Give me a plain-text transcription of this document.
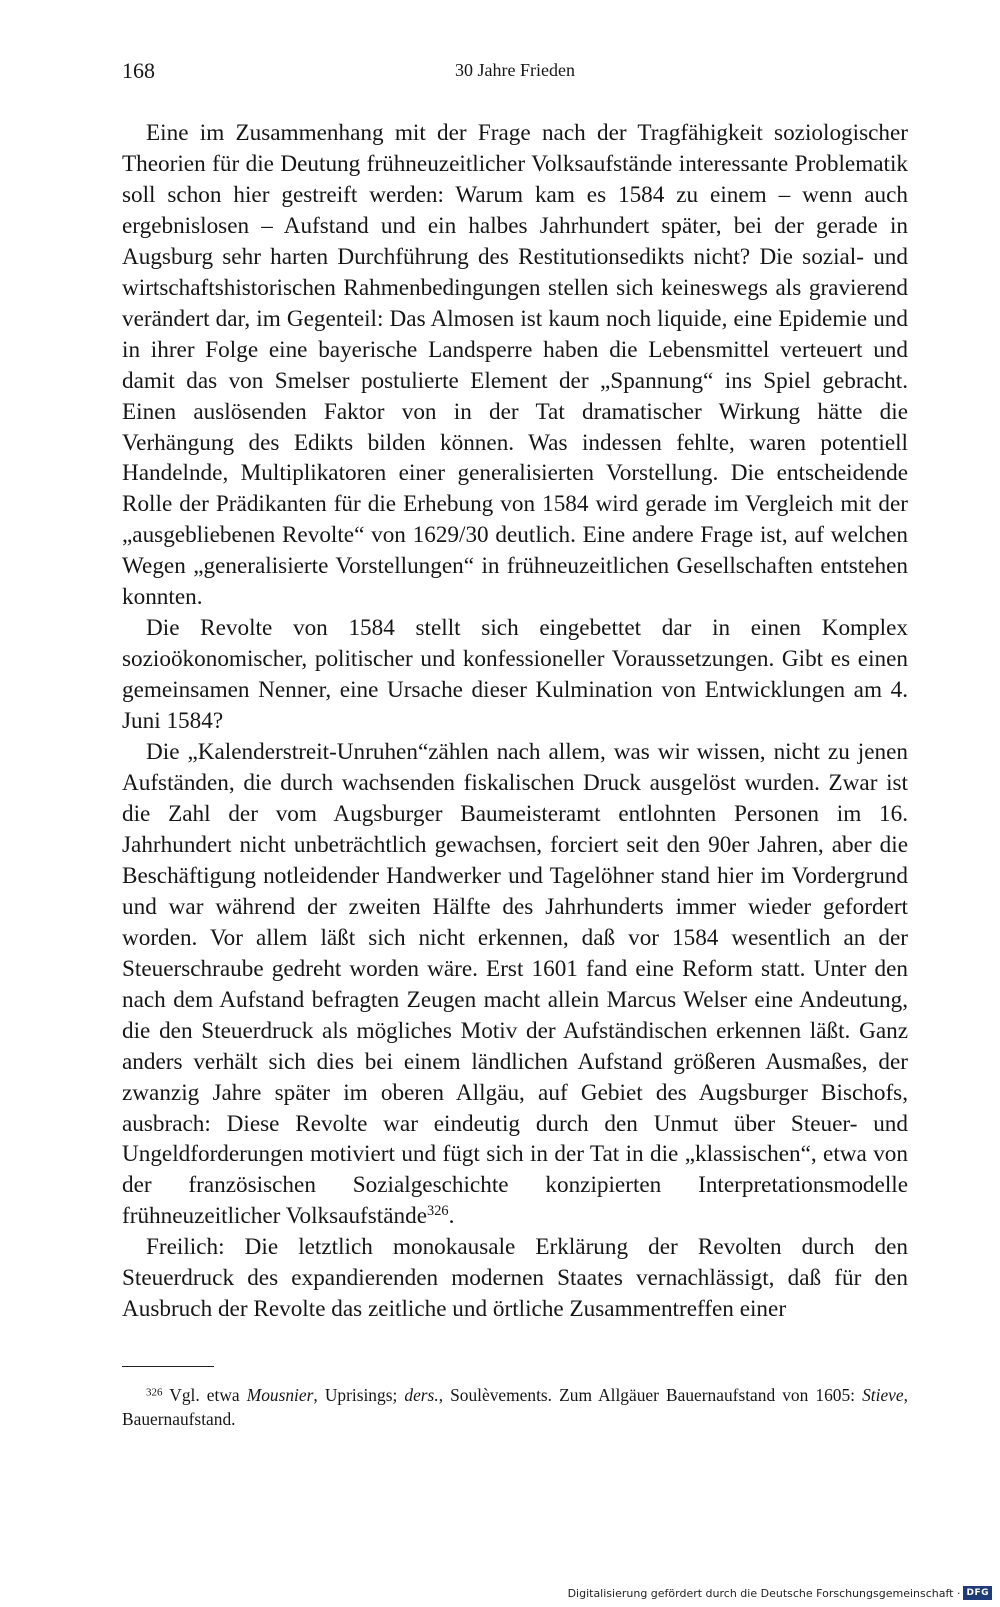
168	30 Jahre Frieden

Eine im Zusammenhang mit der Frage nach der Tragfähigkeit soziologischer Theorien für die Deutung frühneuzeitlicher Volksaufstände interessante Problematik soll schon hier gestreift werden: Warum kam es 1584 zu einem – wenn auch ergebnislosen – Aufstand und ein halbes Jahrhundert später, bei der gerade in Augsburg sehr harten Durchführung des Restitutionsedikts nicht? Die sozial- und wirtschaftshistorischen Rahmenbedingungen stellen sich keineswegs als gravierend verändert dar, im Gegenteil: Das Almosen ist kaum noch liquide, eine Epidemie und in ihrer Folge eine bayerische Landsperre haben die Lebensmittel verteuert und damit das von Smelser postulierte Element der „Spannung“ ins Spiel gebracht. Einen auslösenden Faktor von in der Tat dramatischer Wirkung hätte die Verhängung des Edikts bilden können. Was indessen fehlte, waren potentiell Handelnde, Multiplikatoren einer generalisierten Vorstellung. Die entscheidende Rolle der Prädikanten für die Erhebung von 1584 wird gerade im Vergleich mit der „ausgebliebenen Revolte“ von 1629/30 deutlich. Eine andere Frage ist, auf welchen Wegen „generalisierte Vorstellungen“ in frühneuzeitlichen Gesellschaften entstehen konnten.

Die Revolte von 1584 stellt sich eingebettet dar in einen Komplex sozioökonomischer, politischer und konfessioneller Voraussetzungen. Gibt es einen gemeinsamen Nenner, eine Ursache dieser Kulmination von Entwicklungen am 4. Juni 1584?

Die „Kalenderstreit-Unruhen“zählen nach allem, was wir wissen, nicht zu jenen Aufständen, die durch wachsenden fiskalischen Druck ausgelöst wurden. Zwar ist die Zahl der vom Augsburger Baumeisteramt entlohnten Personen im 16. Jahrhundert nicht unbeträchtlich gewachsen, forciert seit den 90er Jahren, aber die Beschäftigung notleidender Handwerker und Tagelöhner stand hier im Vordergrund und war während der zweiten Hälfte des Jahrhunderts immer wieder gefordert worden. Vor allem läßt sich nicht erkennen, daß vor 1584 wesentlich an der Steuerschraube gedreht worden wäre. Erst 1601 fand eine Reform statt. Unter den nach dem Aufstand befragten Zeugen macht allein Marcus Welser eine Andeutung, die den Steuerdruck als mögliches Motiv der Aufständischen erkennen läßt. Ganz anders verhält sich dies bei einem ländlichen Aufstand größeren Ausmaßes, der zwanzig Jahre später im oberen Allgäu, auf Gebiet des Augsburger Bischofs, ausbrach: Diese Revolte war eindeutig durch den Unmut über Steuer- und Ungeldforderungen motiviert und fügt sich in der Tat in die „klassischen“, etwa von der französischen Sozialgeschichte konzipierten Interpretationsmodelle frühneuzeitlicher Volksaufstände$^{326}$.

Freilich: Die letztlich monokausale Erklärung der Revolten durch den Steuerdruck des expandierenden modernen Staates vernachlässigt, daß für den Ausbruch der Revolte das zeitliche und örtliche Zusammentreffen einer

$^{326}$ Vgl. etwa Mousnier, Uprisings; ders., Soulèvements. Zum Allgäuer Bauernaufstand von 1605: Stieve, Bauernaufstand.
Digitalisierung gefördert durch die Deutsche Forschungsgemeinschaft · DFG
